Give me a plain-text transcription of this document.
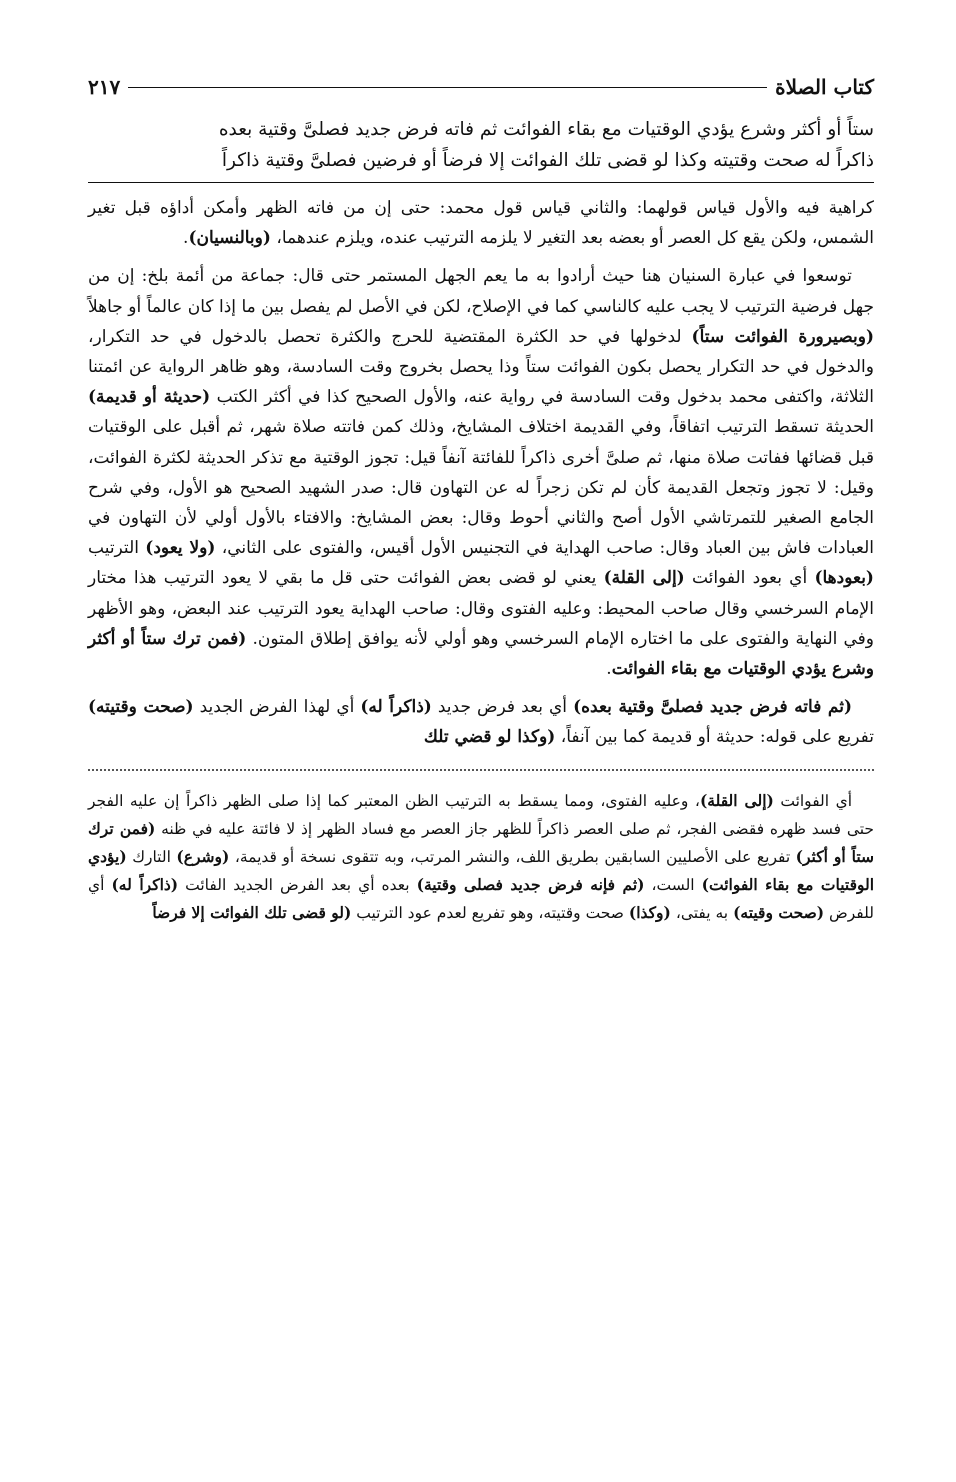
كتاب الصلاة
٢١٧
ستاً أو أكثر وشرع يؤدي الوقتيات مع بقاء الفوائت ثم فاته فرض جديد فصلىَّ وقتية بعده
ذاكراً له صحت وقتيته وكذا لو قضى تلك الفوائت إلا فرضاً أو فرضين فصلىَّ وقتية ذاكراً

كراهية فيه والأول قياس قولهما: والثاني قياس قول محمد: حتى إن من فاته الظهر وأمكن أداؤه قبل تغير الشمس، ولكن يقع كل العصر أو بعضه بعد التغير لا يلزمه الترتيب عنده، ويلزم عندهما، (وبالنسيان).

توسعوا في عبارة السنيان هنا حيث أرادوا به ما يعم الجهل المستمر حتى قال: جماعة من أئمة بلخ: إن من جهل فرضية الترتيب لا يجب عليه كالناسي كما في الإصلاح، لكن في الأصل لم يفصل بين ما إذا كان عالماً أو جاهلاً (وبصيرورة الفوائت ستاً) لدخولها في حد الكثرة المقتضية للحرج والكثرة تحصل بالدخول في حد التكرار، والدخول في حد التكرار يحصل بكون الفوائت ستاً وذا يحصل بخروج وقت السادسة، وهو ظاهر الرواية عن ائمتنا الثلاثة، واكتفى محمد بدخول وقت السادسة في رواية عنه، والأول الصحيح كذا في أكثر الكتب (حديثة أو قديمة) الحديثة تسقط الترتيب اتفاقاً، وفي القديمة اختلاف المشايخ، وذلك كمن فاتته صلاة شهر، ثم أقبل على الوقتيات قبل قضائها ففاتت صلاة منها، ثم صلىَّ أخرى ذاكراً للفائتة آنفاً قيل: تجوز الوقتية مع تذكر الحديثة لكثرة الفوائت، وقيل: لا تجوز وتجعل القديمة كأن لم تكن زجراً له عن التهاون قال: صدر الشهيد الصحيح هو الأول، وفي شرح الجامع الصغير للتمرتاشي الأول أصح والثاني أحوط وقال: بعض المشايخ: والافتاء بالأول أولي لأن التهاون في العبادات فاش بين العباد وقال: صاحب الهداية في التجنيس الأول أقيس، والفتوى على الثاني، (ولا يعود) الترتيب (بعودها) أي بعود الفوائت (إلى القلة) يعني لو قضى بعض الفوائت حتى قل ما بقي لا يعود الترتيب هذا مختار الإمام السرخسي وقال صاحب المحيط: وعليه الفتوى وقال: صاحب الهداية يعود الترتيب عند البعض، وهو الأظهر وفي النهاية والفتوى على ما اختاره الإمام السرخسي وهو أولي لأنه يوافق إطلاق المتون. (فمن ترك ستاً أو أكثر وشرع يؤدي الوقتيات مع بقاء الفوائت.

(ثم فاته فرض جديد فصلىَّ وقتية بعده) أي بعد فرض جديد (ذاكراً له) أي لهذا الفرض الجديد (صحت وقتيته) تفريع على قوله: حديثة أو قديمة كما بين آنفاً، (وكذا لو قضي تلك

أي الفوائت (إلى القلة)، وعليه الفتوى، ومما يسقط به الترتيب الظن المعتبر كما إذا صلى الظهر ذاكراً إن عليه الفجر حتى فسد ظهره فقضى الفجر، ثم صلى العصر ذاكراً للظهر جاز العصر مع فساد الظهر إذ لا فائتة عليه في ظنه (فمن ترك ستاً أو أكثر) تفريع على الأصليين السابقين بطريق اللف، والنشر المرتب، وبه تتقوى نسخة أو قديمة، (وشرع) التارك (يؤدي الوقتيات مع بقاء الفوائت) الست، (ثم فإنه فرض جديد فصلى وقتية) بعده أي بعد الفرض الجديد الفائت (ذاكراً له) أي للفرض (صحت وقيته) به يفتى، (وكذا) صحت وقتيته، وهو تفريع لعدم عود الترتيب (لو قضى تلك الفوائت إلا فرضاً
